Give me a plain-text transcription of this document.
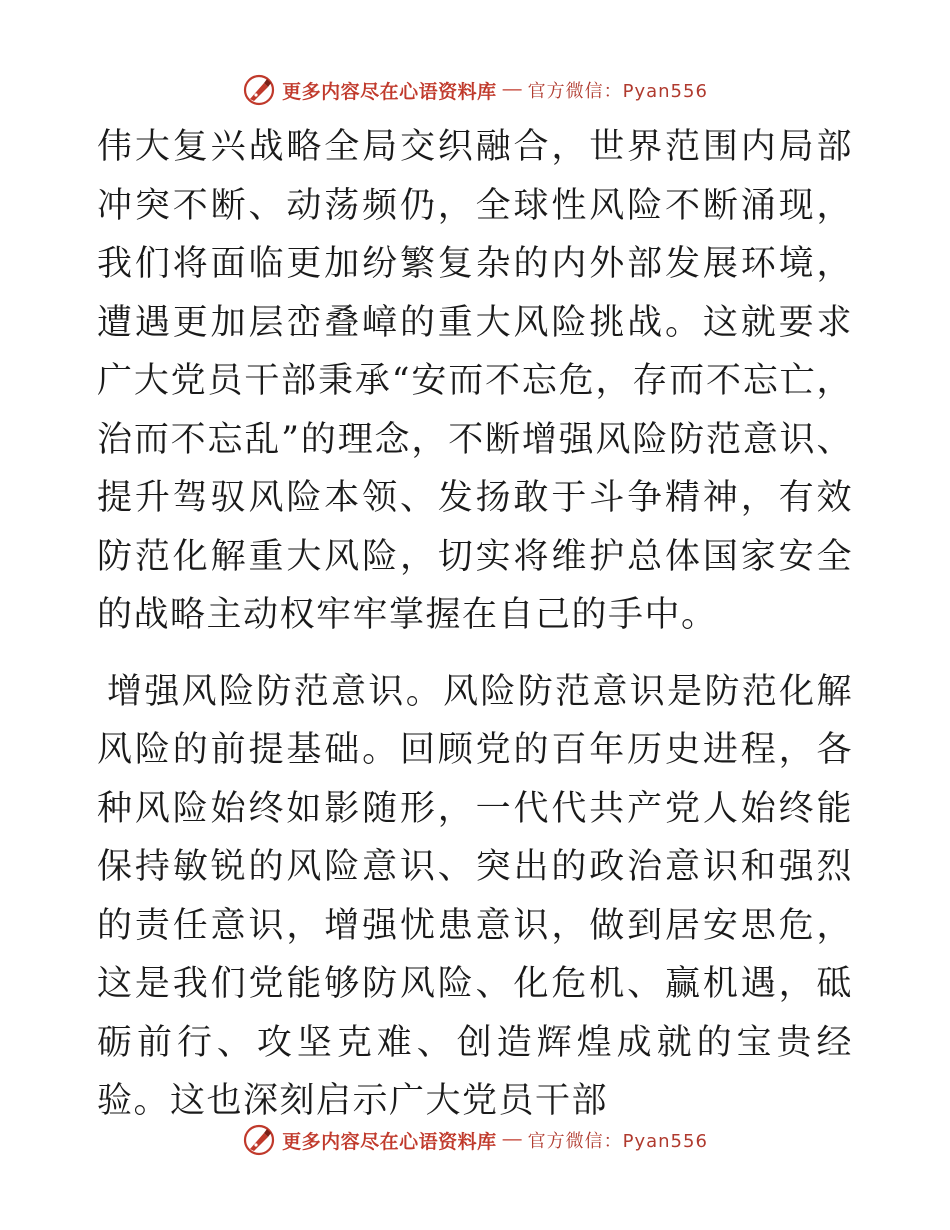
更多内容尽在心语资料库 — 官方微信：Pyan556

伟大复兴战略全局交织融合，世界范围内局部冲突不断、动荡频仍，全球性风险不断涌现，我们将面临更加纷繁复杂的内外部发展环境，遭遇更加层峦叠嶂的重大风险挑战。这就要求广大党员干部秉承“安而不忘危，存而不忘亡，治而不忘乱”的理念，不断增强风险防范意识、提升驾驭风险本领、发扬敢于斗争精神，有效防范化解重大风险，切实将维护总体国家安全的战略主动权牢牢掌握在自己的手中。

增强风险防范意识。风险防范意识是防范化解风险的前提基础。回顾党的百年历史进程，各种风险始终如影随形，一代代共产党人始终能保持敏锐的风险意识、突出的政治意识和强烈的责任意识，增强忧患意识，做到居安思危，这是我们党能够防风险、化危机、赢机遇，砥砺前行、攻坚克难、创造辉煌成就的宝贵经验。这也深刻启示广大党员干部

更多内容尽在心语资料库 — 官方微信：Pyan556
